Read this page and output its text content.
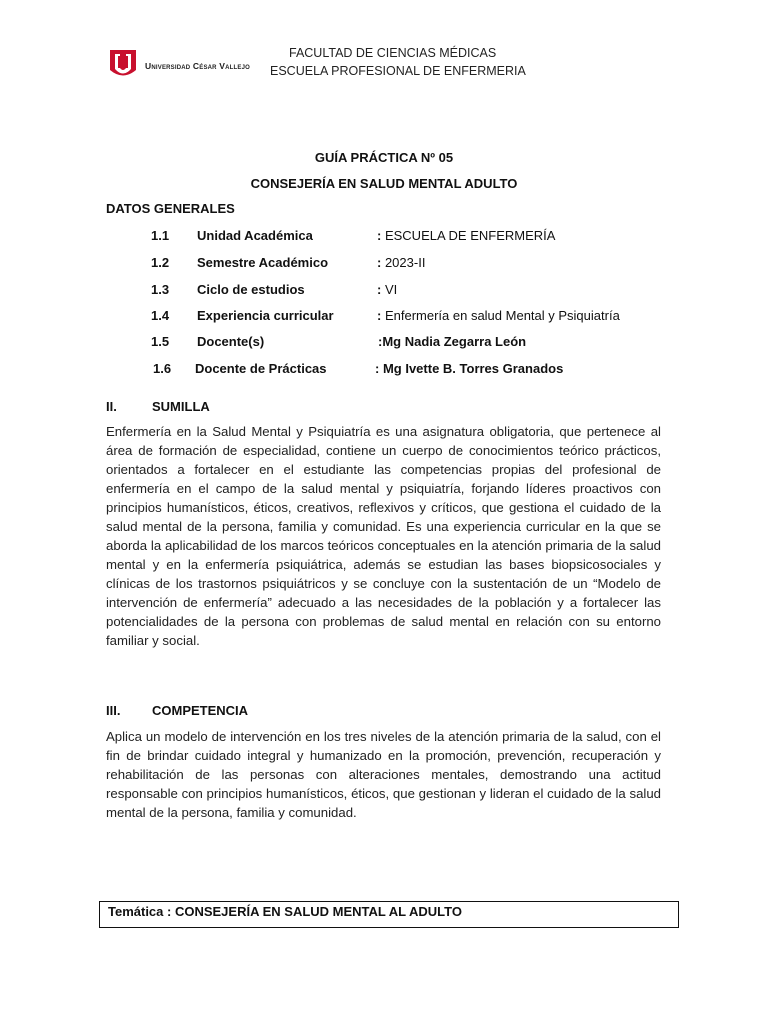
Universidad César Vallejo
FACULTAD DE CIENCIAS MÉDICAS
ESCUELA PROFESIONAL DE ENFERMERIA
GUÍA PRÁCTICA Nº 05
CONSEJERÍA EN SALUD MENTAL ADULTO
DATOS GENERALES
1.1 Unidad Académica	: ESCUELA DE ENFERMERÍA
1.2 Semestre Académico	: 2023-II
1.3 Ciclo de estudios	: VI
1.4 Experiencia curricular	: Enfermería en salud Mental y Psiquiatría
1.5 Docente(s)	:Mg Nadia Zegarra León
1.6 Docente de Prácticas	: Mg Ivette B. Torres Granados
II.	SUMILLA
Enfermería en la Salud Mental y Psiquiatría es una asignatura obligatoria, que pertenece al área de formación de especialidad, contiene un cuerpo de conocimientos teórico prácticos, orientados a fortalecer en el estudiante las competencias propias del profesional de enfermería en el campo de la salud mental y psiquiatría, forjando líderes proactivos con principios humanísticos, éticos, creativos, reflexivos y críticos, que gestiona el cuidado de la salud mental de la persona, familia y comunidad. Es una experiencia curricular en la que se aborda la aplicabilidad de los marcos teóricos conceptuales en la atención primaria de la salud mental y en la enfermería psiquiátrica, además se estudian las bases biopsicosociales y clínicas de los trastornos psiquiátricos y se concluye con la sustentación de un “Modelo de intervención de enfermería” adecuado a las necesidades de la población y a fortalecer las potencialidades de la persona con problemas de salud mental en relación con su entorno familiar y social.
III. COMPETENCIA
Aplica un modelo de intervención en los tres niveles de la atención primaria de la salud, con el fin de brindar cuidado integral y humanizado en la promoción, prevención, recuperación y rehabilitación de las personas con alteraciones mentales, demostrando una actitud responsable con principios humanísticos, éticos, que gestionan y lideran el cuidado de la salud mental de la persona, familia y comunidad.
Temática : CONSEJERÍA EN SALUD MENTAL AL ADULTO
